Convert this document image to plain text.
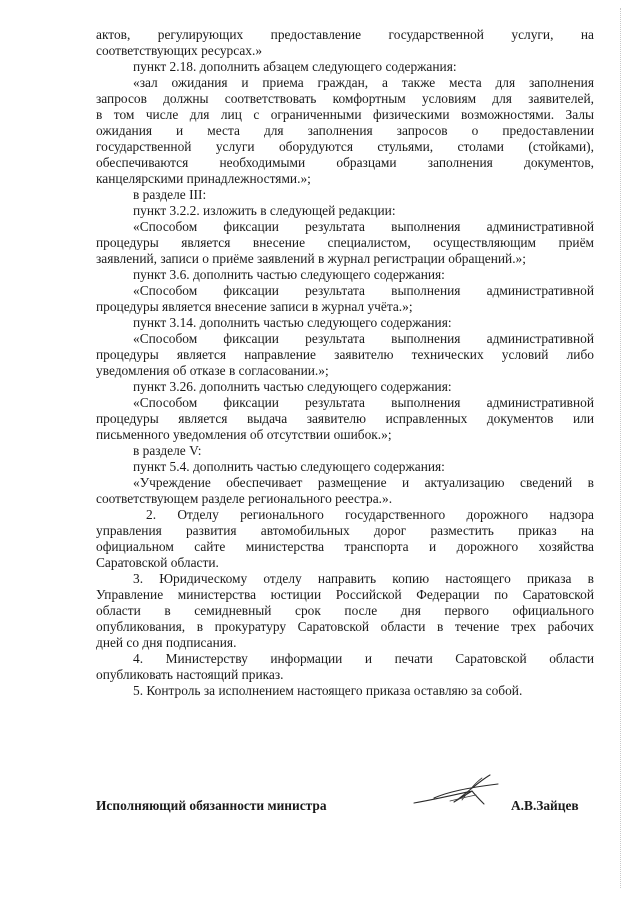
актов, регулирующих предоставление государственной услуги, на

соответствующих ресурсах.»

пункт 2.18. дополнить абзацем следующего содержания:

«зал ожидания и приема граждан, а также места для заполнения

запросов должны соответствовать комфортным условиям для заявителей,

в том числе для лиц с ограниченными физическими возможностями. Залы

ожидания и места для заполнения запросов о предоставлении

государственной услуги оборудуются стульями, столами (стойками),

обеспечиваются необходимыми образцами заполнения документов,

канцелярскими принадлежностями.»;

в разделе III:

пункт 3.2.2. изложить в следующей редакции:

«Способом фиксации результата выполнения административной

процедуры является внесение специалистом, осуществляющим приём

заявлений, записи о приёме заявлений в журнал регистрации обращений.»;

пункт 3.6. дополнить частью следующего содержания:

«Способом фиксации результата выполнения административной

процедуры является внесение записи в журнал учёта.»;

пункт 3.14. дополнить частью следующего содержания:

«Способом фиксации результата выполнения административной

процедуры является направление заявителю технических условий либо

уведомления об отказе в согласовании.»;

пункт 3.26. дополнить частью следующего содержания:

«Способом фиксации результата выполнения административной

процедуры является выдача заявителю исправленных документов или

письменного уведомления об отсутствии ошибок.»;

в разделе V:

пункт 5.4. дополнить частью следующего содержания:

«Учреждение обеспечивает размещение и актуализацию сведений в

соответствующем разделе регионального реестра.».

2. Отделу регионального государственного дорожного надзора

управления развития автомобильных дорог разместить приказ на

официальном сайте министерства транспорта и дорожного хозяйства

Саратовской области.

3. Юридическому отделу направить копию настоящего приказа в

Управление министерства юстиции Российской Федерации по Саратовской

области в семидневный срок после дня первого официального

опубликования, в прокуратуру Саратовской области в течение трех рабочих

дней со дня подписания.

4. Министерству информации и печати Саратовской области

опубликовать настоящий приказ.

5. Контроль за исполнением настоящего приказа оставляю за собой.

Исполняющий обязанности министра	А.В.Зайцев
